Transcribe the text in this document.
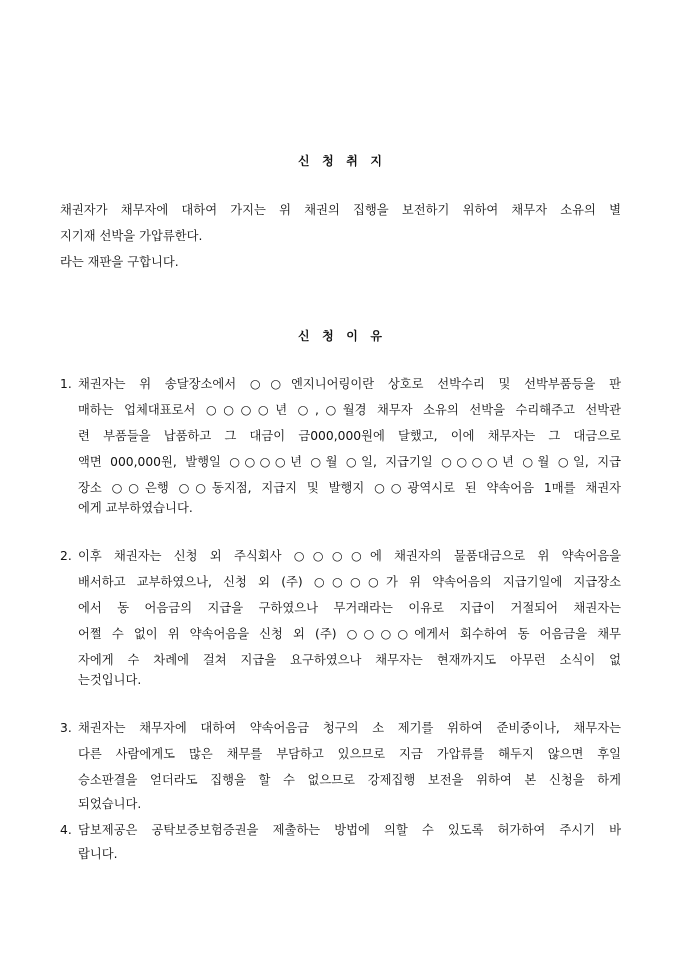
신   청   취   지
채권자가 채무자에 대하여 가지는 위 채권의 집행을 보전하기 위하여 채무자 소유의 별
지기재 선박을 가압류한다.
라는 재판을 구합니다.
신   청   이   유
1. 채권자는 위 송달장소에서 ○○엔지니어링이란 상호로 선박수리 및 선박부품등을 판
매하는 업체대표로서 ○○○○년 ○,○월경 채무자 소유의 선박을 수리해주고 선박관
련 부품들을 납품하고 그 대금이 금000,000원에 달했고, 이에 채무자는 그 대금으로
액면 000,000원, 발행일 ○○○○년 ○월 ○일, 지급기일 ○○○○년 ○월 ○일, 지급
장소 ○○은행 ○○동지점, 지급지 및 발행지 ○○광역시로 된 약속어음 1매를 채권자
에게 교부하였습니다.
2. 이후 채권자는 신청 외 주식회사 ○○○○에 채권자의 물품대금으로 위 약속어음을
배서하고 교부하였으나, 신청 외 (주) ○○○○가 위 약속어음의 지급기일에 지급장소
에서 동 어음금의 지급을 구하였으나 무거래라는 이유로 지급이 거절되어 채권자는
어쩔 수 없이 위 약속어음을 신청 외 (주) ○○○○에게서 회수하여 동 어음금을 채무
자에게 수 차례에 걸쳐 지급을 요구하였으나 채무자는 현재까지도 아무런 소식이 없
는것입니다.
3. 채권자는 채무자에 대하여 약속어음금 청구의 소 제기를 위하여 준비중이나, 채무자는
다른 사람에게도 많은 채무를 부담하고 있으므로 지금 가압류를 해두지 않으면 후일
승소판결을 얻더라도 집행을 할 수 없으므로 강제집행 보전을 위하여 본 신청을 하게
되었습니다.
4. 담보제공은 공탁보증보험증권을 제출하는 방법에 의할 수 있도록 허가하여 주시기 바
랍니다.
